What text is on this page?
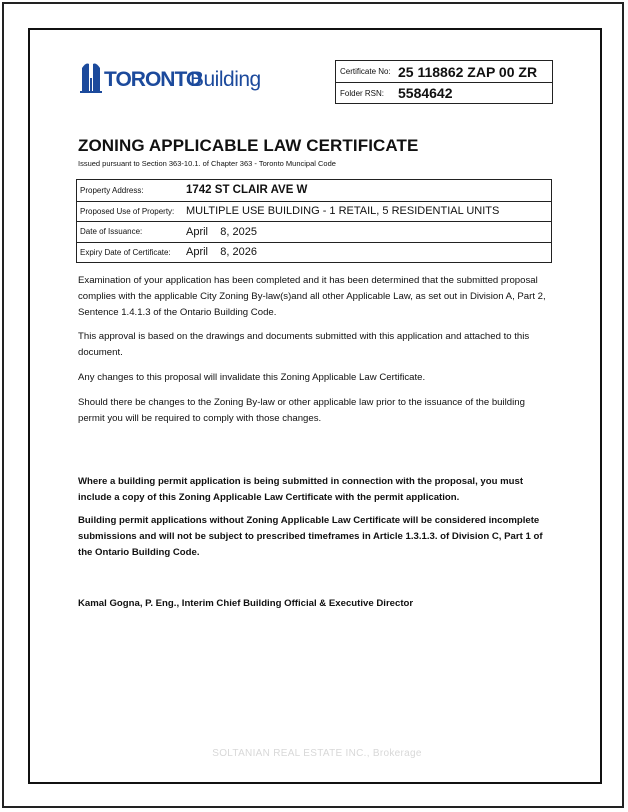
TORONTO
Building	Certificate No: 25 118862 ZAP 00 ZR
Folder RSN: 5584642
ZONING APPLICABLE LAW CERTIFICATE
Issued pursuant to Section 363-10.1. of Chapter 363 - Toronto Muncipal Code
Property Address:	1742 ST CLAIR AVE W
Proposed Use of Property:	MULTIPLE USE BUILDING - 1 RETAIL, 5 RESIDENTIAL UNITS
Date of Issuance:	April    8, 2025
Expiry Date of Certificate:	April    8, 2026

Examination of your application has been completed and it has been determined that the submitted proposal complies with the applicable City Zoning By-law(s)and all other Applicable Law, as set out in Division A, Part 2, Sentence 1.4.1.3 of the Ontario Building Code.

This approval is based on the drawings and documents submitted with this application and attached to this document.

Any changes to this proposal will invalidate this Zoning Applicable Law Certificate.

Should there be changes to the Zoning By-law or other applicable law prior to the issuance of the building permit you will be required to comply with those changes.

Where a building permit application is being submitted in connection with the proposal, you must include a copy of this Zoning Applicable Law Certificate with the permit application.

Building permit applications without Zoning Applicable Law Certificate will be considered incomplete submissions and will not be subject to prescribed timeframes in Article 1.3.1.3. of Division C, Part 1 of the Ontario Building Code.

Kamal Gogna, P. Eng., Interim Chief Building Official & Executive Director
SOLTANIAN REAL ESTATE INC., Brokerage
